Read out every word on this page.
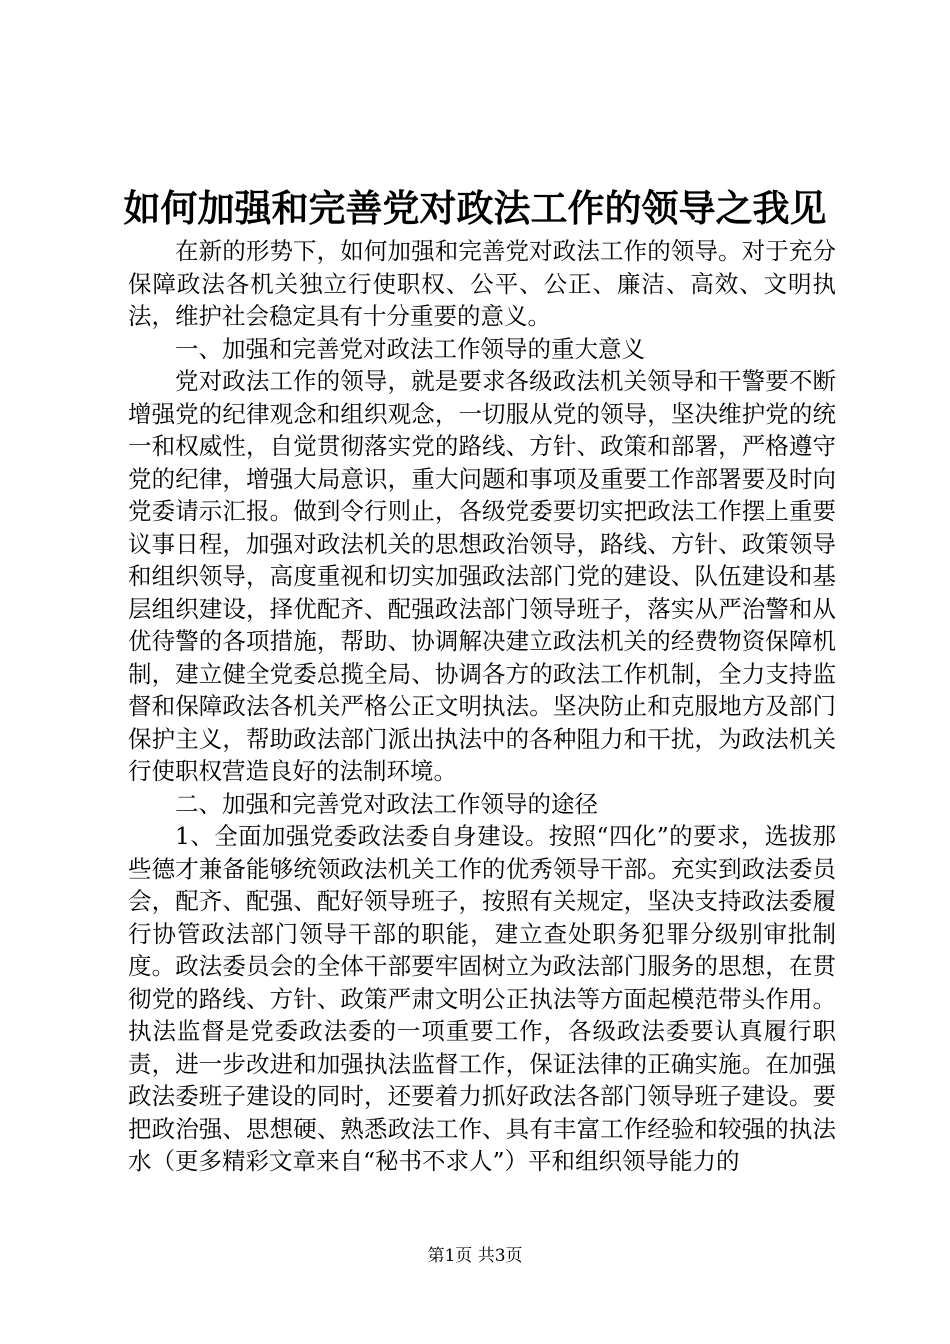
如何加强和完善党对政法工作的领导之我见

在新的形势下，如何加强和完善党对政法工作的领导。对于充分保障政法各机关独立行使职权、公平、公正、廉洁、高效、文明执法，维护社会稳定具有十分重要的意义。

一、加强和完善党对政法工作领导的重大意义

党对政法工作的领导，就是要求各级政法机关领导和干警要不断增强党的纪律观念和组织观念，一切服从党的领导，坚决维护党的统一和权威性，自觉贯彻落实党的路线、方针、政策和部署，严格遵守党的纪律，增强大局意识，重大问题和事项及重要工作部署要及时向党委请示汇报。做到令行则止，各级党委要切实把政法工作摆上重要议事日程，加强对政法机关的思想政治领导，路线、方针、政策领导和组织领导，高度重视和切实加强政法部门党的建设、队伍建设和基层组织建设，择优配齐、配强政法部门领导班子，落实从严治警和从优待警的各项措施，帮助、协调解决建立政法机关的经费物资保障机制，建立健全党委总揽全局、协调各方的政法工作机制，全力支持监督和保障政法各机关严格公正文明执法。坚决防止和克服地方及部门保护主义，帮助政法部门派出执法中的各种阻力和干扰，为政法机关行使职权营造良好的法制环境。

二、加强和完善党对政法工作领导的途径

1、全面加强党委政法委自身建设。按照“四化”的要求，选拔那些德才兼备能够统领政法机关工作的优秀领导干部。充实到政法委员会，配齐、配强、配好领导班子，按照有关规定，坚决支持政法委履行协管政法部门领导干部的职能，建立查处职务犯罪分级别审批制度。政法委员会的全体干部要牢固树立为政法部门服务的思想，在贯彻党的路线、方针、政策严肃文明公正执法等方面起模范带头作用。执法监督是党委政法委的一项重要工作，各级政法委要认真履行职责，进一步改进和加强执法监督工作，保证法律的正确实施。在加强政法委班子建设的同时，还要着力抓好政法各部门领导班子建设。要把政治强、思想硬、熟悉政法工作、具有丰富工作经验和较强的执法水（更多精彩文章来自“秘书不求人”）平和组织领导能力的

第1页 共3页
